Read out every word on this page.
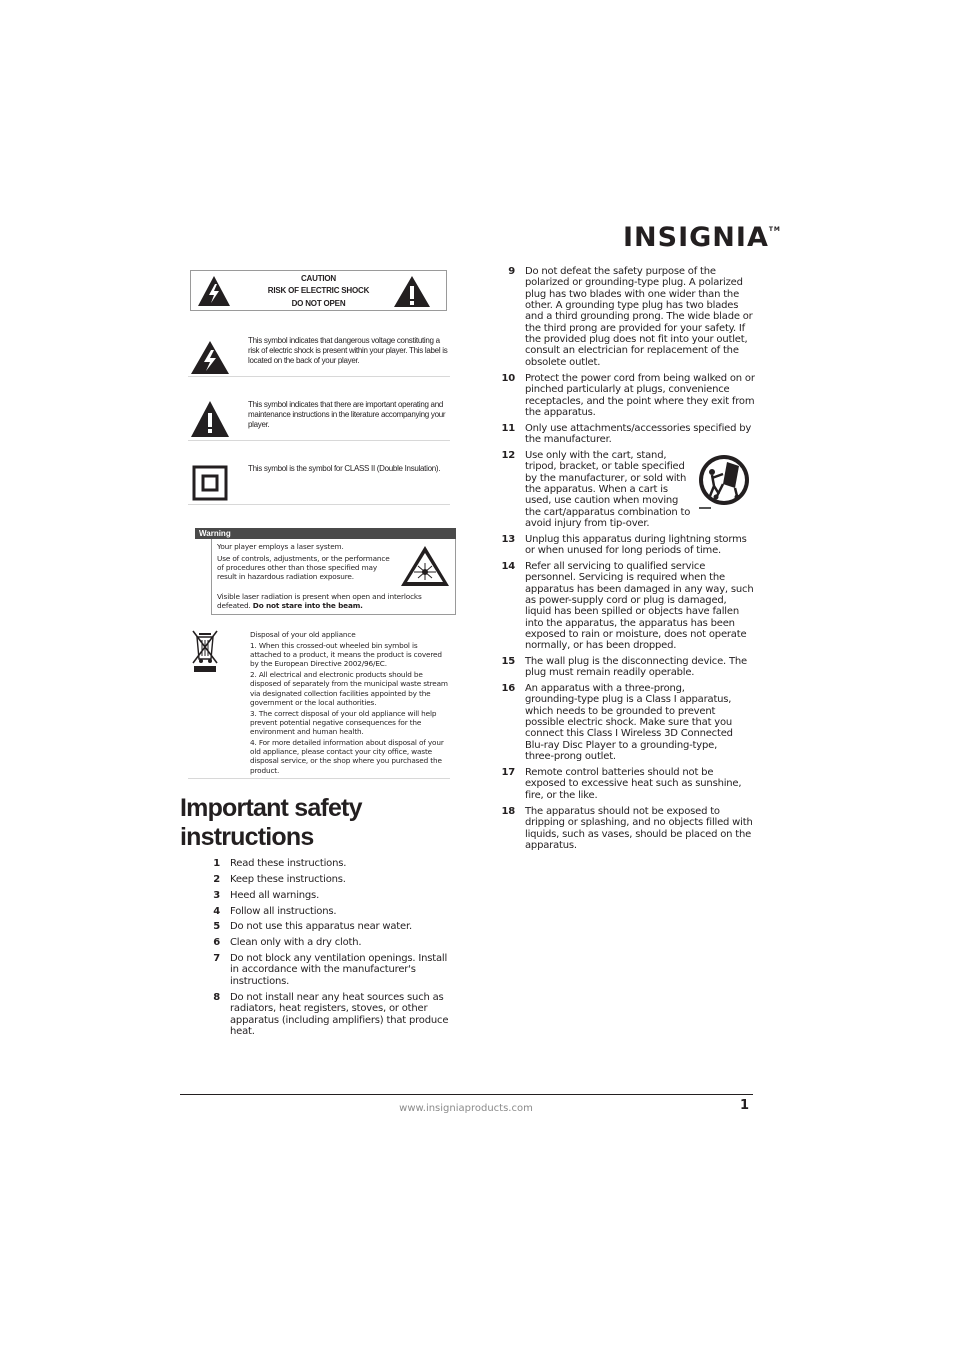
INSIGNIA™
CAUTION
RISK OF ELECTRIC SHOCK
DO NOT OPEN
This symbol indicates that dangerous voltage constituting a risk of electric shock is present within your player. This label is located on the back of your player.
This symbol indicates that there are important operating and maintenance instructions in the literature accompanying your player.
This symbol is the symbol for CLASS II (Double Insulation).
Warning
Your player employs a laser system.
Use of controls, adjustments, or the performance of procedures other than those specified may result in hazardous radiation exposure.
Visible laser radiation is present when open and interlocks defeated. Do not stare into the beam.

Disposal of your old appliance

1. When this crossed-out wheeled bin symbol is attached to a product, it means the product is covered by the European Directive 2002/96/EC.

2. All electrical and electronic products should be disposed of separately from the municipal waste stream via designated collection facilities appointed by the government or the local authorities.

3. The correct disposal of your old appliance will help prevent potential negative consequences for the environment and human health.

4. For more detailed information about disposal of your old appliance, please contact your city office, waste disposal service, or the shop where you purchased the product.

Important safety
instructions
1 Read these instructions.
2 Keep these instructions.
3 Heed all warnings.
4 Follow all instructions.
5 Do not use this apparatus near water.
6 Clean only with a dry cloth.
7 Do not block any ventilation openings. Install in accordance with the manufacturer's instructions.
8 Do not install near any heat sources such as radiators, heat registers, stoves, or other apparatus (including amplifiers) that produce heat.
9 Do not defeat the safety purpose of the polarized or grounding-type plug. A polarized plug has two blades with one wider than the other. A grounding type plug has two blades and a third grounding prong. The wide blade or the third prong are provided for your safety. If the provided plug does not fit into your outlet, consult an electrician for replacement of the obsolete outlet.
10 Protect the power cord from being walked on or pinched particularly at plugs, convenience receptacles, and the point where they exit from the apparatus.
11 Only use attachments/accessories specified by the manufacturer.
12 Use only with the cart, stand, tripod, bracket, or table specified by the manufacturer, or sold with the apparatus. When a cart is used, use caution when moving the cart/apparatus combination to avoid injury from tip-over.
13 Unplug this apparatus during lightning storms or when unused for long periods of time.
14 Refer all servicing to qualified service personnel. Servicing is required when the apparatus has been damaged in any way, such as power-supply cord or plug is damaged, liquid has been spilled or objects have fallen into the apparatus, the apparatus has been exposed to rain or moisture, does not operate normally, or has been dropped.
15 The wall plug is the disconnecting device. The plug must remain readily operable.
16 An apparatus with a three-prong, grounding-type plug is a Class I apparatus, which needs to be grounded to prevent possible electric shock. Make sure that you connect this Class I Wireless 3D Connected Blu-ray Disc Player to a grounding-type, three-prong outlet.
17 Remote control batteries should not be exposed to excessive heat such as sunshine, fire, or the like.
18 The apparatus should not be exposed to dripping or splashing, and no objects filled with liquids, such as vases, should be placed on the apparatus.
www.insigniaproducts.com	1
